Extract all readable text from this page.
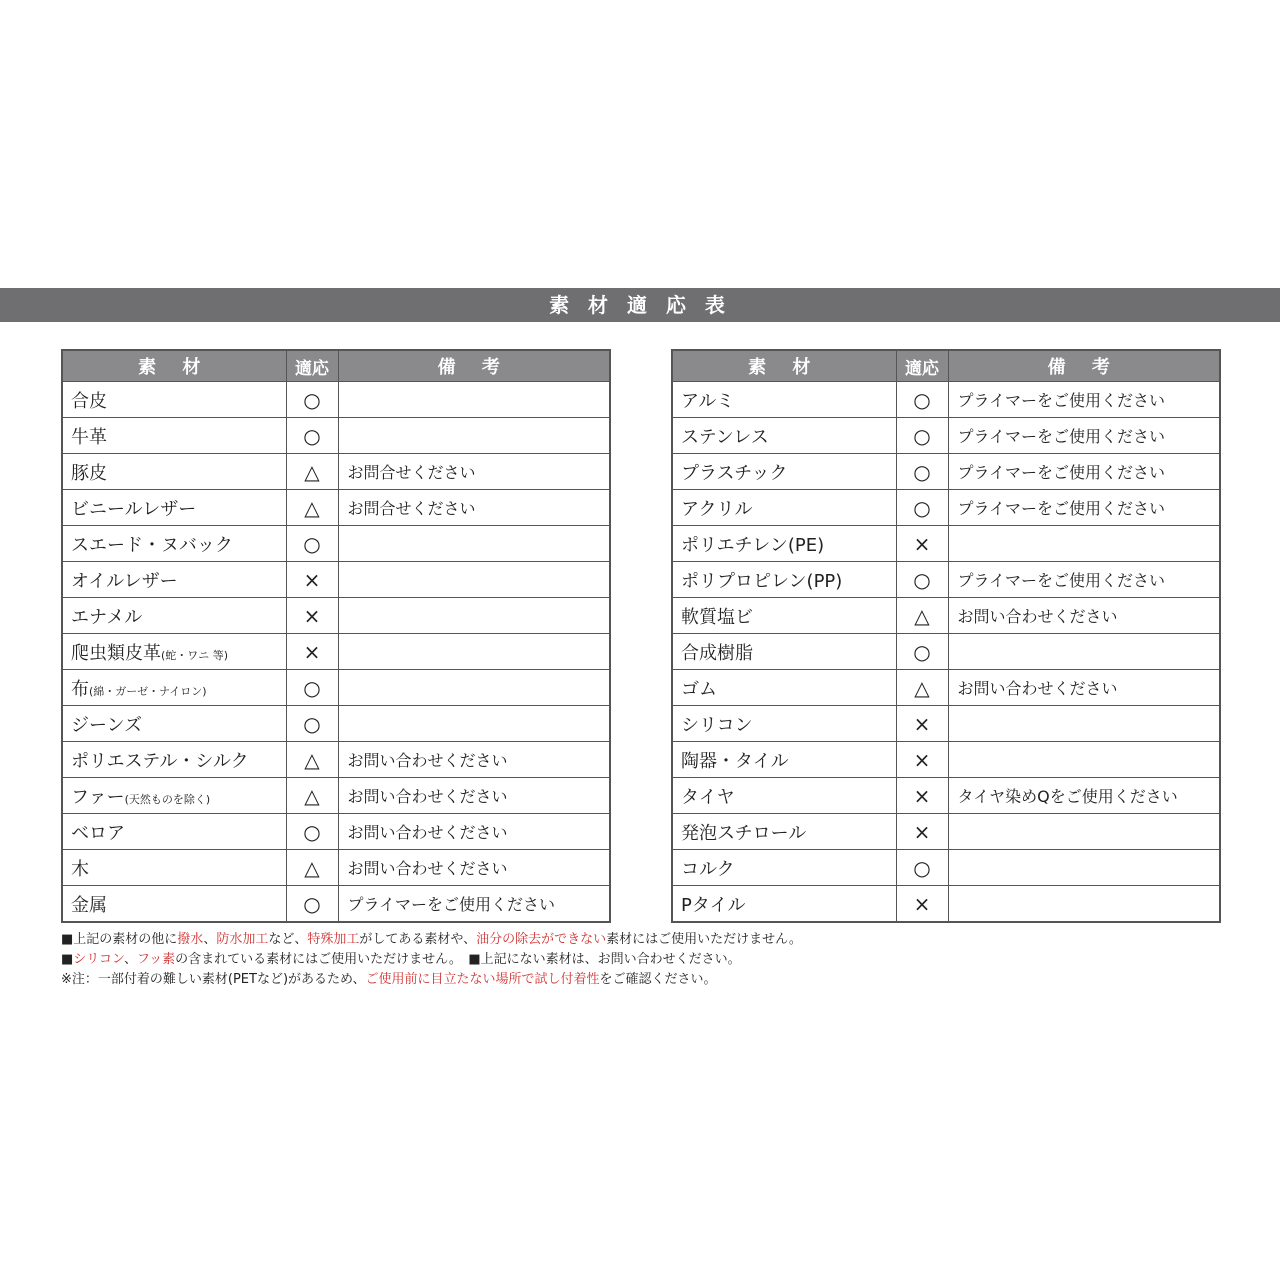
素 材 適 応 表
素 材	適応	備 考
合皮	○	
牛革	○	
豚皮	△	お問合せください
ビニールレザー	△	お問合せください
スエード・ヌバック	○	
オイルレザー	×	
エナメル	×	
爬虫類皮革(蛇・ワニ 等)	×	
布(綿・ガーゼ・ナイロン)	○	
ジーンズ	○	
ポリエステル・シルク	△	お問い合わせください
ファー(天然ものを除く)	△	お問い合わせください
ベロア	○	お問い合わせください
木	△	お問い合わせください
金属	○	プライマーをご使用ください
素 材	適応	備 考
アルミ	○	プライマーをご使用ください
ステンレス	○	プライマーをご使用ください
プラスチック	○	プライマーをご使用ください
アクリル	○	プライマーをご使用ください
ポリエチレン(PE)	×	
ポリプロピレン(PP)	○	プライマーをご使用ください
軟質塩ビ	△	お問い合わせください
合成樹脂	○	
ゴム	△	お問い合わせください
シリコン	×	
陶器・タイル	×	
タイヤ	×	タイヤ染めQをご使用ください
発泡スチロール	×	
コルク	○	
Pタイル	×	
■上記の素材の他に撥水、防水加工など、特殊加工がしてある素材や、油分の除去ができない素材にはご使用いただけません。
■シリコン、フッ素の含まれている素材にはご使用いただけません。　■上記にない素材は、お問い合わせください。
※注：一部付着の難しい素材(PETなど)があるため、ご使用前に目立たない場所で試し付着性をご確認ください。
